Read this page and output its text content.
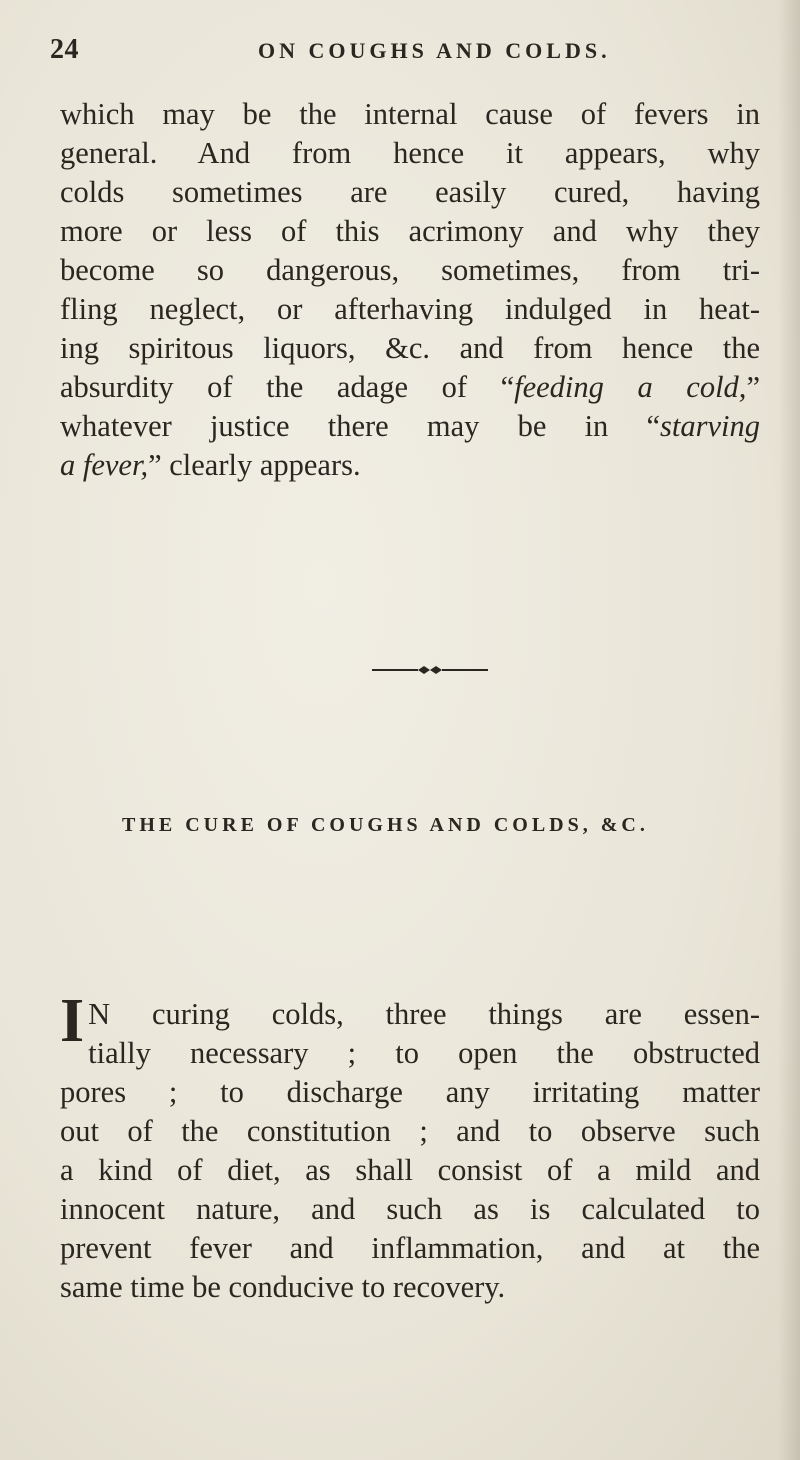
24	ON COUGHS AND COLDS.
which may be the internal cause of fevers in
general. And from hence it appears, why
colds sometimes are easily cured, having
more or less of this acrimony and why they
become so dangerous, sometimes, from tri-
fling neglect, or afterhaving indulged in heat-
ing spiritous liquors, &c. and from hence the
absurdity of the adage of “feeding a cold,”
whatever justice there may be in “starving
a fever,” clearly appears.
THE CURE OF COUGHS AND COLDS, &C.
I N curing colds, three things are essen-
tially necessary ; to open the obstructed
pores ; to discharge any irritating matter
out of the constitution ; and to observe such
a kind of diet, as shall consist of a mild and
innocent nature, and such as is calculated to
prevent fever and inflammation, and at the
same time be conducive to recovery.
